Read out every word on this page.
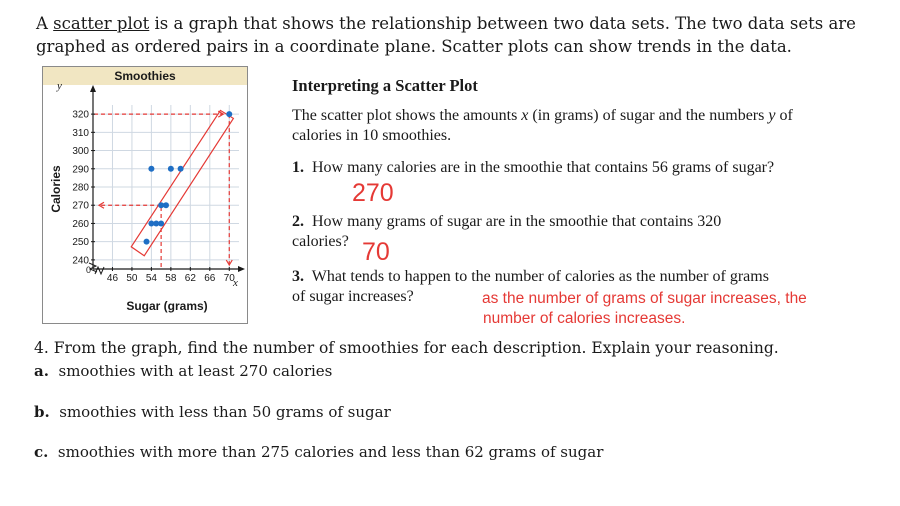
A scatter plot is a graph that shows the relationship between two data sets. The two data sets are graphed as ordered pairs in a coordinate plane. Scatter plots can show trends in the data.
Smoothies
240
250
260
270
280
290
300
310
320
46 50 54 58 62 66 70
y
x
0
Sugar (grams)
Calories
Interpreting a Scatter Plot
The scatter plot shows the amounts x (in grams) of sugar and the numbers y of calories in 10 smoothies.
1. How many calories are in the smoothie that contains 56 grams of sugar?
270
2. How many grams of sugar are in the smoothie that contains 320 calories? 70
3. What tends to happen to the number of calories as the number of grams of sugar increases?	as the number of grams of sugar increases, the
number of calories increases.
4. From the graph, find the number of smoothies for each description. Explain your reasoning.
a. smoothies with at least 270 calories
b. smoothies with less than 50 grams of sugar
c. smoothies with more than 275 calories and less than 62 grams of sugar
